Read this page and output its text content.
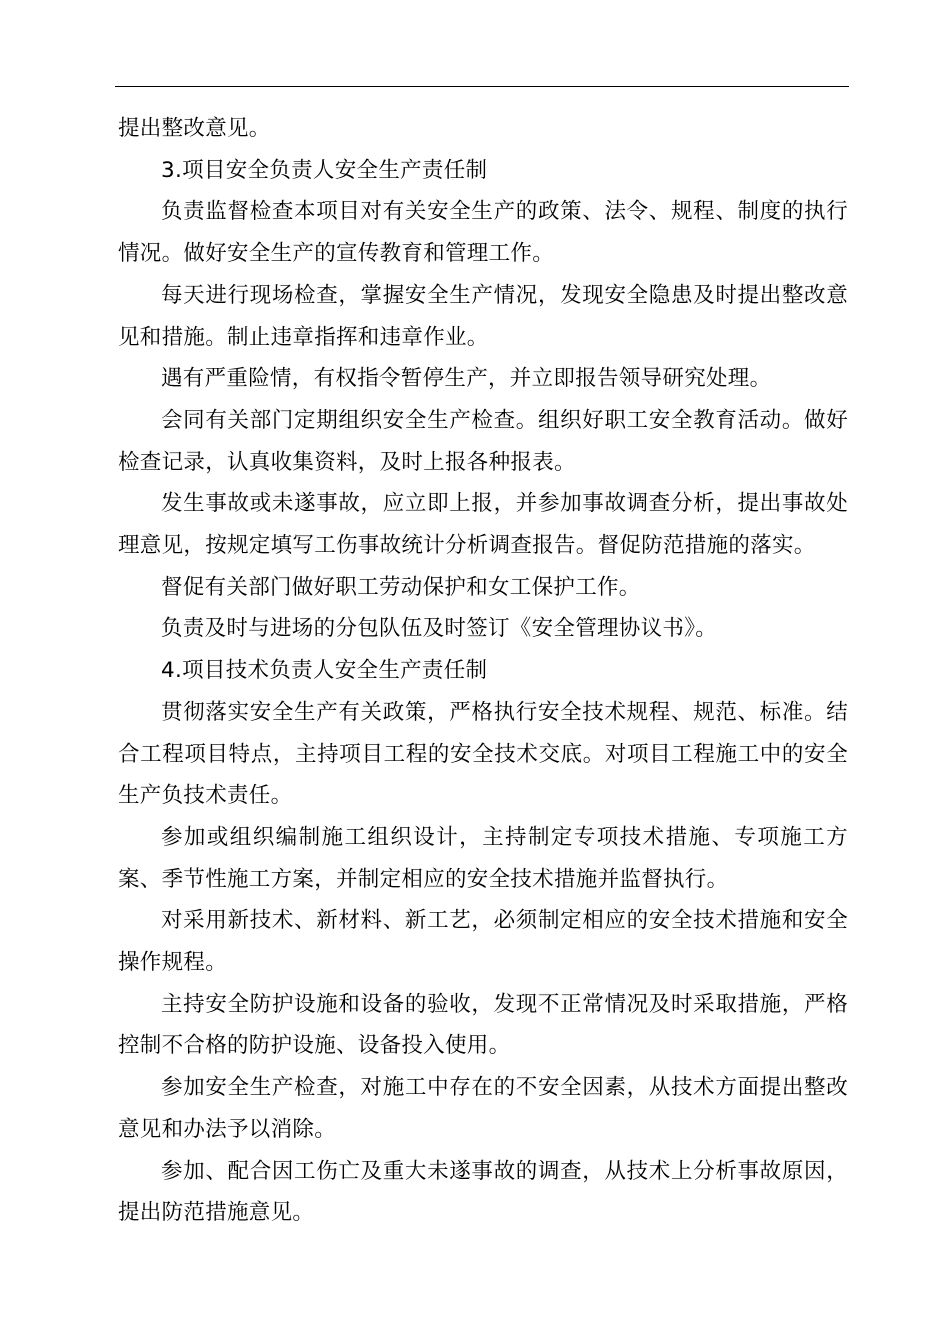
提出整改意见。

3.项目安全负责人安全生产责任制

负责监督检查本项目对有关安全生产的政策、法令、规程、制度的执行情况。做好安全生产的宣传教育和管理工作。

每天进行现场检查，掌握安全生产情况，发现安全隐患及时提出整改意见和措施。制止违章指挥和违章作业。

遇有严重险情，有权指令暂停生产，并立即报告领导研究处理。

会同有关部门定期组织安全生产检查。组织好职工安全教育活动。做好检查记录，认真收集资料，及时上报各种报表。

发生事故或未遂事故，应立即上报，并参加事故调查分析，提出事故处理意见，按规定填写工伤事故统计分析调查报告。督促防范措施的落实。

督促有关部门做好职工劳动保护和女工保护工作。

负责及时与进场的分包队伍及时签订《安全管理协议书》。

4.项目技术负责人安全生产责任制

贯彻落实安全生产有关政策，严格执行安全技术规程、规范、标准。结合工程项目特点，主持项目工程的安全技术交底。对项目工程施工中的安全生产负技术责任。

参加或组织编制施工组织设计，主持制定专项技术措施、专项施工方案、季节性施工方案，并制定相应的安全技术措施并监督执行。

对采用新技术、新材料、新工艺，必须制定相应的安全技术措施和安全操作规程。

主持安全防护设施和设备的验收，发现不正常情况及时采取措施，严格控制不合格的防护设施、设备投入使用。

参加安全生产检查，对施工中存在的不安全因素，从技术方面提出整改意见和办法予以消除。

参加、配合因工伤亡及重大未遂事故的调查，从技术上分析事故原因，提出防范措施意见。
